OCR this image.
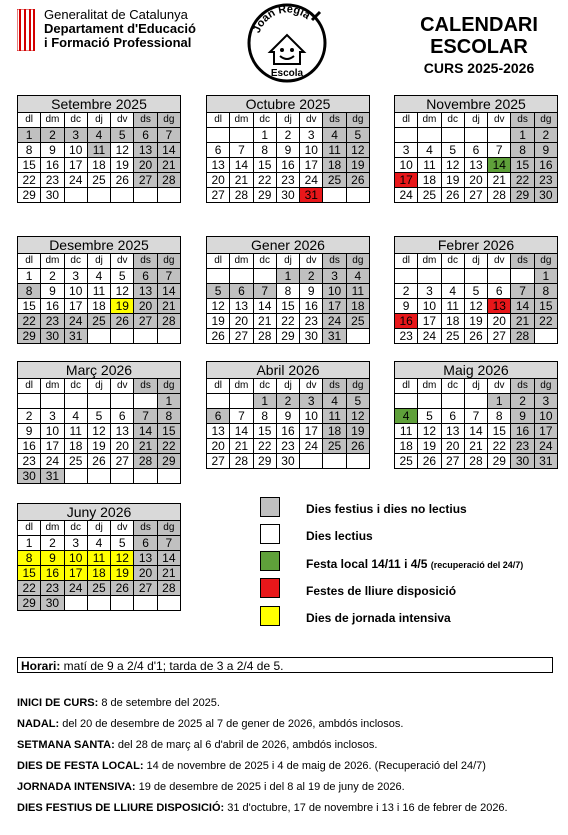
Generalitat de Catalunya
Departament d'Educació
i Formació Professional
Joan Regla
Escola
CALENDARI
ESCOLAR
CURS 2025-2026
Setembre 2025						
dl	dm	dc	dj	dv	ds	dg
1	2	3	4	5	6	7
8	9	10	11	12	13	14
15	16	17	18	19	20	21
22	23	24	25	26	27	28
29	30					
Octubre 2025						
dl	dm	dc	dj	dv	ds	dg
		1	2	3	4	5
6	7	8	9	10	11	12
13	14	15	16	17	18	19
20	21	22	23	24	25	26
27	28	29	30	31		
Novembre 2025						
dl	dm	dc	dj	dv	ds	dg
					1	2
3	4	5	6	7	8	9
10	11	12	13	14	15	16
17	18	19	20	21	22	23
24	25	26	27	28	29	30
Desembre 2025						
dl	dm	dc	dj	dv	ds	dg
1	2	3	4	5	6	7
8	9	10	11	12	13	14
15	16	17	18	19	20	21
22	23	24	25	26	27	28
29	30	31				
Gener 2026						
dl	dm	dc	dj	dv	ds	dg
			1	2	3	4
5	6	7	8	9	10	11
12	13	14	15	16	17	18
19	20	21	22	23	24	25
26	27	28	29	30	31	
Febrer 2026						
dl	dm	dc	dj	dv	ds	dg
						1
2	3	4	5	6	7	8
9	10	11	12	13	14	15
16	17	18	19	20	21	22
23	24	25	26	27	28	
Març 2026						
dl	dm	dc	dj	dv	ds	dg
						1
2	3	4	5	6	7	8
9	10	11	12	13	14	15
16	17	18	19	20	21	22
23	24	25	26	27	28	29
30	31					
Abril 2026						
dl	dm	dc	dj	dv	ds	dg
		1	2	3	4	5
6	7	8	9	10	11	12
13	14	15	16	17	18	19
20	21	22	23	24	25	26
27	28	29	30			
Maig 2026						
dl	dm	dc	dj	dv	ds	dg
				1	2	3
4	5	6	7	8	9	10
11	12	13	14	15	16	17
18	19	20	21	22	23	24
25	26	27	28	29	30	31
Juny 2026						
dl	dm	dc	dj	dv	ds	dg
1	2	3	4	5	6	7
8	9	10	11	12	13	14
15	16	17	18	19	20	21
22	23	24	25	26	27	28
29	30					
Dies festius i dies no lectius
Dies lectius
Festa local 14/11 i 4/5 (recuperació del 24/7)
Festes de lliure disposició
Dies de jornada intensiva
Horari: matí de 9 a 2/4 d'1; tarda de 3 a 2/4 de 5.
INICI DE CURS: 8 de setembre del 2025.
NADAL: del 20 de desembre de 2025 al 7 de gener de 2026, ambdós inclosos.
SETMANA SANTA: del 28 de març al 6 d'abril de 2026, ambdós inclosos.
DIES DE FESTA LOCAL: 14 de novembre de 2025 i 4 de maig de 2026. (Recuperació del 24/7)
JORNADA INTENSIVA: 19 de desembre de 2025 i del 8 al 19 de juny de 2026.
DIES FESTIUS DE LLIURE DISPOSICIÓ: 31 d'octubre, 17 de novembre i 13 i 16 de febrer de 2026.
